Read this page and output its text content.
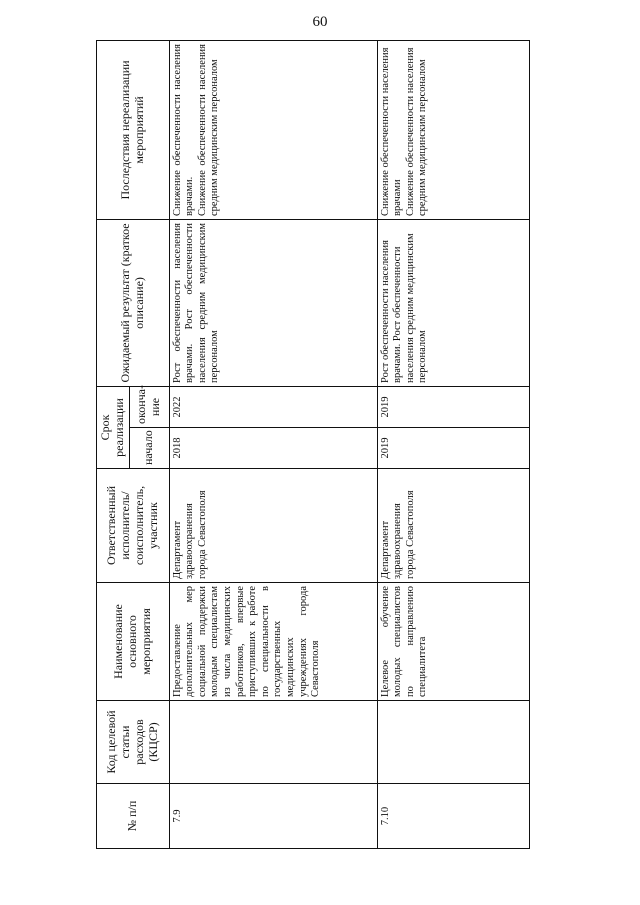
60
№ п/п	Код целевой статьи расходов (КЦСР)	Наименование основного мероприятия	Ответственный исполнитель/ соисполнитель, участник	Срок реализации		Ожидаемый результат (краткое описание)	Последствия нереализации мероприятий
				начало	оконча-ние		
7.9		Предоставление дополнительных мер социальной поддержки молодым специалистам из числа медицинских работников, впервые приступивших к работе по специальности в государственных медицинских учреждениях города Севастополя	Департамент здравоохранения города Севастополя	2018	2022	Рост обеспеченности населения врачами. Рост обеспеченности населения средним медицинским персоналом	Снижение обеспеченности населения врачами. Снижение обеспеченности населения средним медицинским персоналом

7.10		Целевое обучение молодых специалистов по направлению специалитета	Департамент здравоохранения города Севастополя	2019	2019	Рост обеспеченности населения врачами. Рост обеспеченности населения средним медицинским персоналом	Снижение обеспеченности населения врачами Снижение обеспеченности населения средним медицинским персоналом
